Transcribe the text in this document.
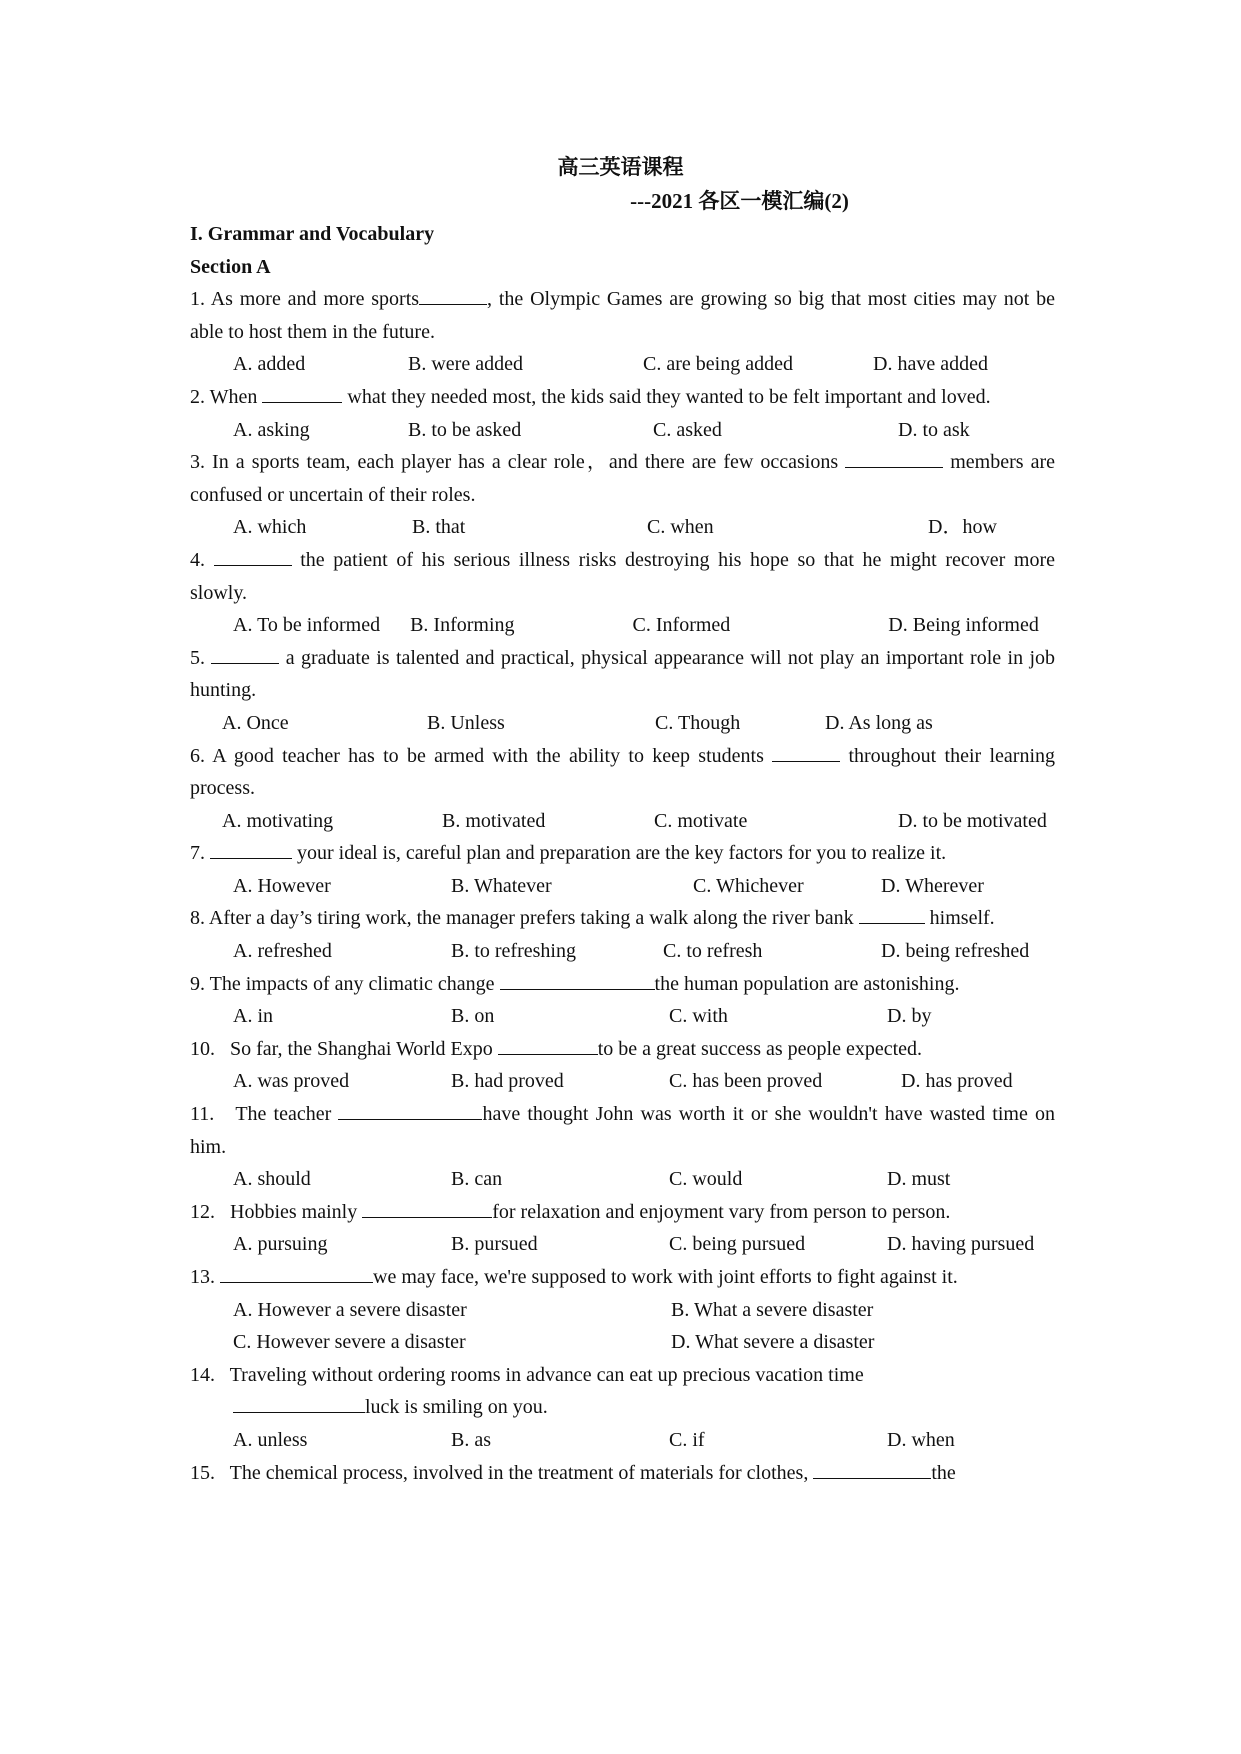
高三英语课程
---2021 各区一模汇编(2)
I. Grammar and Vocabulary
Section A
1. As more and more sports	, the Olympic Games are growing so big that most cities may not be able to host them in the future.
A. added	B. were added	C. are being added	D. have added
2. When	what they needed most, the kids said they wanted to be felt important and loved.
A. asking	B. to be asked	C. asked	D. to ask
3. In a sports team, each player has a clear role，and there are few occasions	members are confused or uncertain of their roles.
A. which	B. that	C. when	D．how
4.	the patient of his serious illness risks destroying his hope so that he might recover more slowly.
A. To be informed B. Informing	C. Informed	D. Being informed
5.	a graduate is talented and practical, physical appearance will not play an important role in job hunting.
A. Once	B. Unless	C. Though	D. As long as
6. A good teacher has to be armed with the ability to keep students	throughout their learning process.
A. motivating	B. motivated	C. motivate	D. to be motivated
7.	your ideal is, careful plan and preparation are the key factors for you to realize it.
A. However	B. Whatever	C. Whichever	D. Wherever
8. After a day’s tiring work, the manager prefers taking a walk along the river bank	himself.
A. refreshed	B. to refreshing	C. to refresh	D. being refreshed
9. The impacts of any climatic change	the human population are astonishing.
A. in	B. on	C. with	D. by
10.   So far, the Shanghai World Expo	to be a great success as people expected.
A. was proved	B. had proved	C. has been proved	D. has proved
11.   The teacher	have thought John was worth it or she wouldn't have wasted time on him.
A. should	B. can	C. would	D. must
12.   Hobbies mainly	for relaxation and enjoyment vary from person to person.
A. pursuing	B. pursued	C. being pursued	D. having pursued
13.	we may face, we're supposed to work with joint efforts to fight against it.
A. However a severe disaster	B. What a severe disaster
C. However severe a disaster	D. What severe a disaster
14.   Traveling without ordering rooms in advance can eat up precious vacation time
luck is smiling on you.
A. unless	B. as	C. if	D. when
15.   The chemical process, involved in the treatment of materials for clothes,	the
